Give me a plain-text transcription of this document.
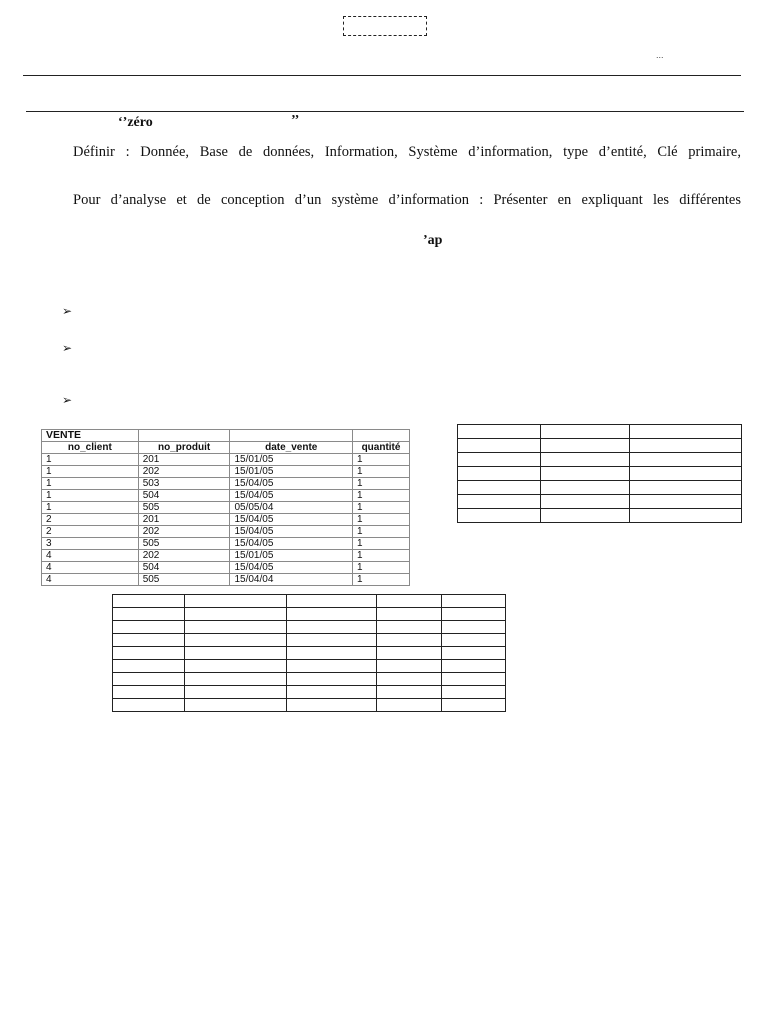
...
‘’zéro	’’
Définir : Donnée, Base de données, Information, Système d’information, type d’entité, Clé primaire,
Pour d’analyse et de conception d’un système d’information : Présenter en expliquant les différentes
’ap
➢
➢
➢
VENTE			
no_client	no_produit	date_vente	quantité
1	201	15/01/05	1
1	202	15/01/05	1
1	503	15/04/05	1
1	504	15/04/05	1
1	505	05/05/04	1
2	201	15/04/05	1
2	202	15/04/05	1
3	505	15/04/05	1
4	202	15/01/05	1
4	504	15/04/05	1
4	505	15/04/04	1
